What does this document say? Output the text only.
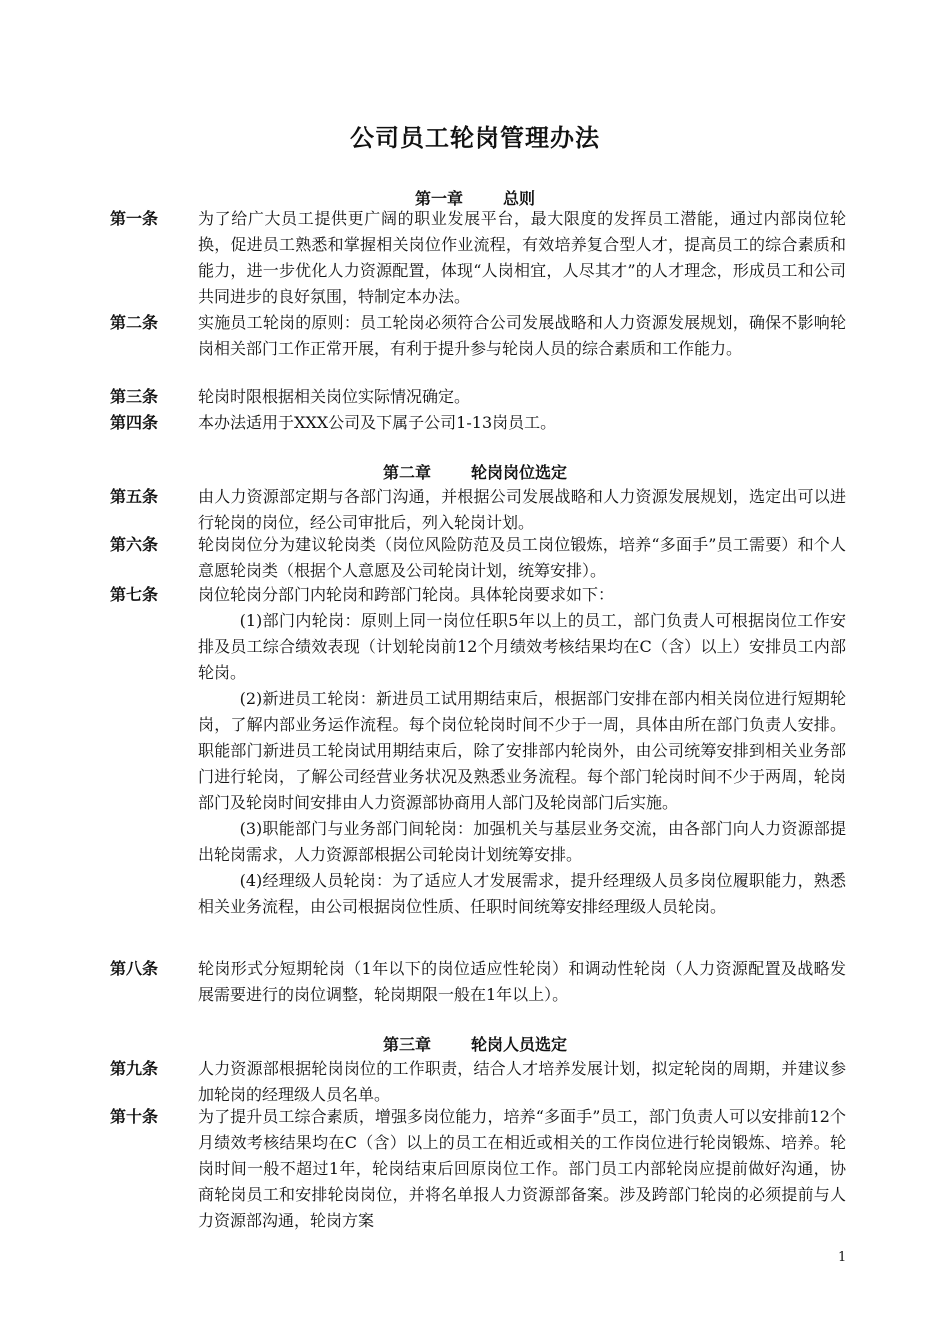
公司员工轮岗管理办法
第一章	总则
第一条 为了给广大员工提供更广阔的职业发展平台，最大限度的发挥员工潜能，通过内部岗位轮换，促进员工熟悉和掌握相关岗位作业流程，有效培养复合型人才，提高员工的综合素质和能力，进一步优化人力资源配置，体现“人岗相宜，人尽其才”的人才理念，形成员工和公司共同进步的良好氛围，特制定本办法。

第二条 实施员工轮岗的原则：员工轮岗必须符合公司发展战略和人力资源发展规划，确保不影响轮岗相关部门工作正常开展，有利于提升参与轮岗人员的综合素质和工作能力。

第三条 轮岗时限根据相关岗位实际情况确定。

第四条 本办法适用于XXX公司及下属子公司1-13岗员工。

第二章	轮岗岗位选定
第五条 由人力资源部定期与各部门沟通，并根据公司发展战略和人力资源发展规划，选定出可以进行轮岗的岗位，经公司审批后，列入轮岗计划。

第六条 轮岗岗位分为建议轮岗类（岗位风险防范及员工岗位锻炼，培养“多面手”员工需要）和个人意愿轮岗类（根据个人意愿及公司轮岗计划，统筹安排）。

第七条 岗位轮岗分部门内轮岗和跨部门轮岗。具体轮岗要求如下：

(1)部门内轮岗：原则上同一岗位任职5年以上的员工，部门负责人可根据岗位工作安排及员工综合绩效表现（计划轮岗前12个月绩效考核结果均在C（含）以上）安排员工内部轮岗。

(2)新进员工轮岗：新进员工试用期结束后，根据部门安排在部内相关岗位进行短期轮岗，了解内部业务运作流程。每个岗位轮岗时间不少于一周，具体由所在部门负责人安排。职能部门新进员工轮岗试用期结束后，除了安排部内轮岗外，由公司统筹安排到相关业务部门进行轮岗，了解公司经营业务状况及熟悉业务流程。每个部门轮岗时间不少于两周，轮岗部门及轮岗时间安排由人力资源部协商用人部门及轮岗部门后实施。

(3)职能部门与业务部门间轮岗：加强机关与基层业务交流，由各部门向人力资源部提出轮岗需求，人力资源部根据公司轮岗计划统筹安排。

(4)经理级人员轮岗：为了适应人才发展需求，提升经理级人员多岗位履职能力，熟悉相关业务流程，由公司根据岗位性质、任职时间统筹安排经理级人员轮岗。

第八条 轮岗形式分短期轮岗（1年以下的岗位适应性轮岗）和调动性轮岗（人力资源配置及战略发展需要进行的岗位调整，轮岗期限一般在1年以上）。

第三章	轮岗人员选定
第九条 人力资源部根据轮岗岗位的工作职责，结合人才培养发展计划，拟定轮岗的周期，并建议参加轮岗的经理级人员名单。

第十条 为了提升员工综合素质，增强多岗位能力，培养“多面手”员工，部门负责人可以安排前12个月绩效考核结果均在C（含）以上的员工在相近或相关的工作岗位进行轮岗锻炼、培养。轮岗时间一般不超过1年，轮岗结束后回原岗位工作。部门员工内部轮岗应提前做好沟通，协商轮岗员工和安排轮岗岗位，并将名单报人力资源部备案。涉及跨部门轮岗的必须提前与人力资源部沟通，轮岗方案

1
